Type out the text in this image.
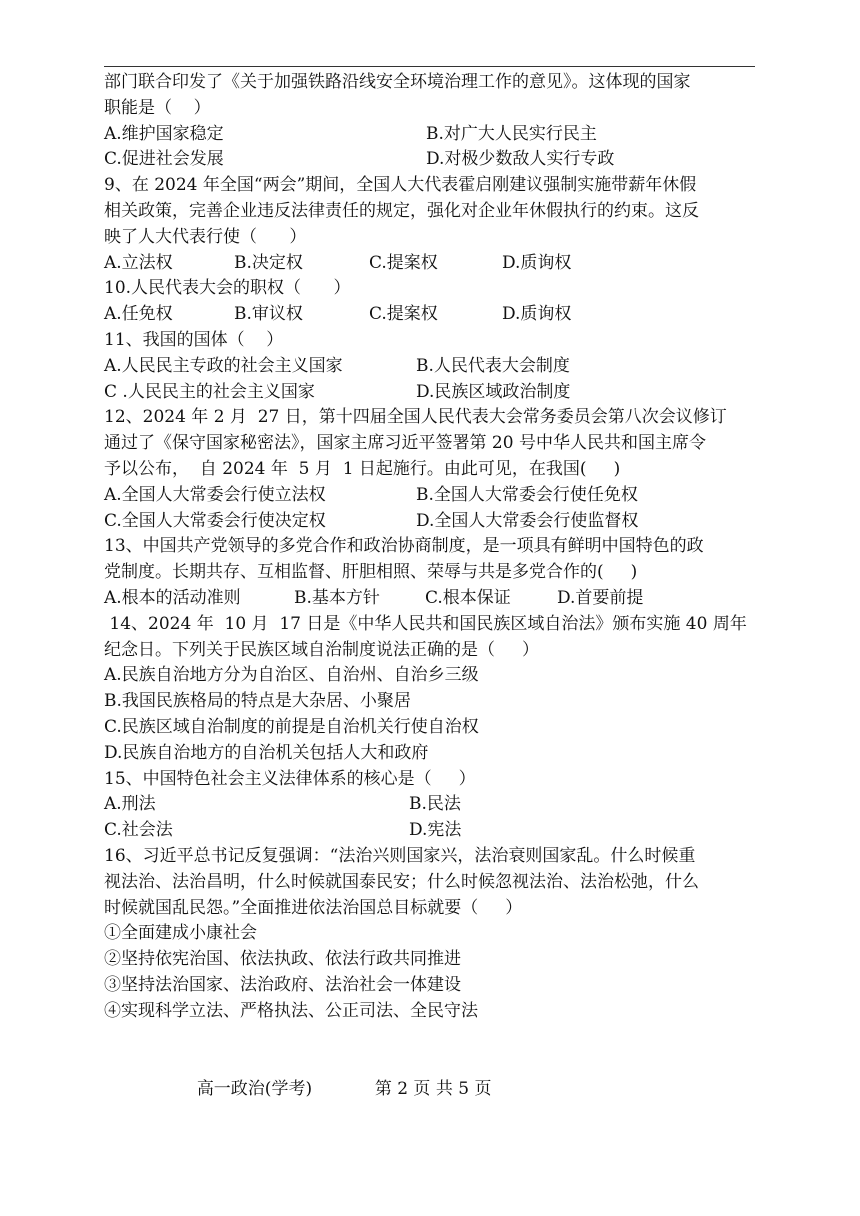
部门联合印发了《关于加强铁路沿线安全环境治理工作的意见》。这体现的国家
职能是（    ）
A.维护国家稳定	B.对广大人民实行民主
C.促进社会发展	D.对极少数敌人实行专政
9、在 2024 年全国“两会”期间，全国人大代表霍启刚建议强制实施带薪年休假
相关政策，完善企业违反法律责任的规定，强化对企业年休假执行的约束。这反
映了人大代表行使（      ）
A.立法权	B.决定权	C.提案权	D.质询权
10.人民代表大会的职权（      ）
A.任免权	B.审议权	C.提案权	D.质询权
11、我国的国体（    ）
A.人民民主专政的社会主义国家	B.人民代表大会制度
C .人民民主的社会主义国家	D.民族区域政治制度
12、2024 年 2 月  27 日，第十四届全国人民代表大会常务委员会第八次会议修订
通过了《保守国家秘密法》，国家主席习近平签署第 20 号中华人民共和国主席令
予以公布，  自 2024 年  5 月  1 日起施行。由此可见，在我国(     )
A.全国人大常委会行使立法权	B.全国人大常委会行使任免权
C.全国人大常委会行使决定权	D.全国人大常委会行使监督权
13、中国共产党领导的多党合作和政治协商制度，是一项具有鲜明中国特色的政
党制度。长期共存、互相监督、肝胆相照、荣辱与共是多党合作的(     )
A.根本的活动准则	B.基本方针	C.根本保证	D.首要前提
14、2024 年  10 月  17 日是《中华人民共和国民族区域自治法》颁布实施 40 周年
纪念日。下列关于民族区域自治制度说法正确的是（     ）
A.民族自治地方分为自治区、自治州、自治乡三级
B.我国民族格局的特点是大杂居、小聚居
C.民族区域自治制度的前提是自治机关行使自治权
D.民族自治地方的自治机关包括人大和政府
15、中国特色社会主义法律体系的核心是（     ）
A.刑法	B.民法
C.社会法	D.宪法
16、习近平总书记反复强调：“法治兴则国家兴，法治衰则国家乱。什么时候重
视法治、法治昌明，什么时候就国泰民安；什么时候忽视法治、法治松弛，什么
时候就国乱民怨。”全面推进依法治国总目标就要（     ）
①全面建成小康社会
②坚持依宪治国、依法执政、依法行政共同推进
③坚持法治国家、法治政府、法治社会一体建设
④实现科学立法、严格执法、公正司法、全民守法

高一政治(学考)	第 2 页 共 5 页
